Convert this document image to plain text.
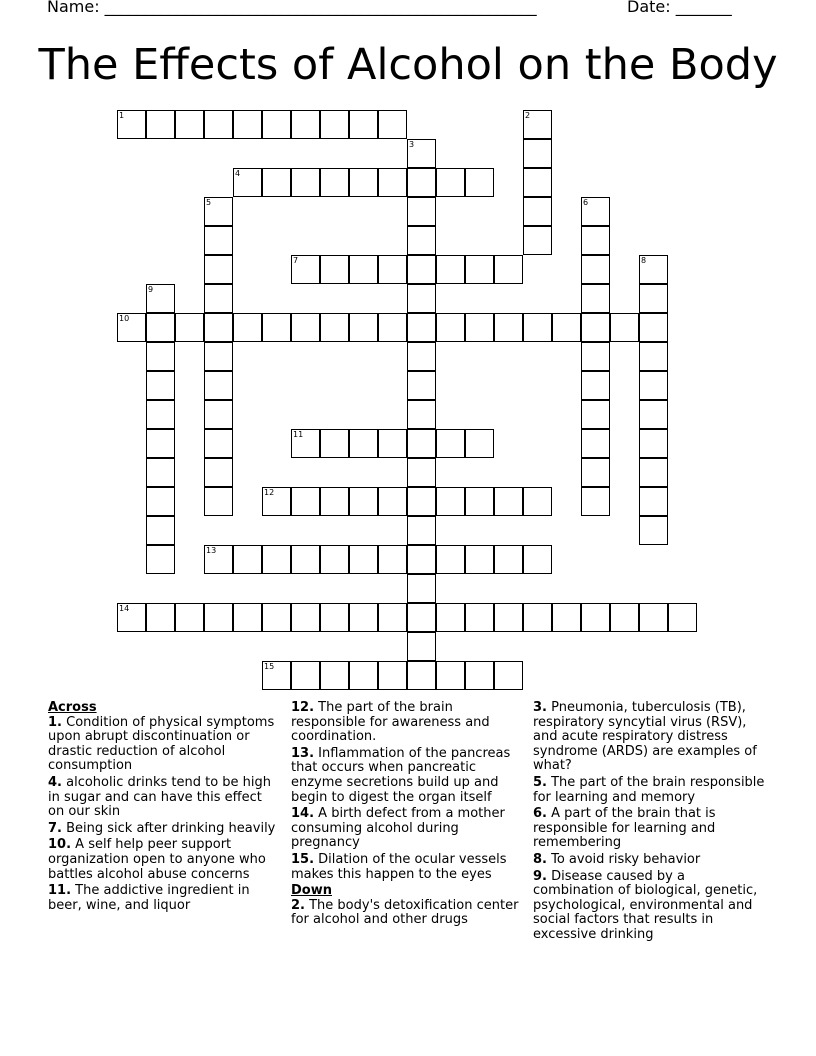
Name: ______________________________________________________	Date: _______
The Effects of Alcohol on the Body
1	2
3
4
5	6
7	8
9
10
11
12
13
14
15
Across
1. Condition of physical symptoms upon abrupt discontinuation or drastic reduction of alcohol consumption
4. alcoholic drinks tend to be high in sugar and can have this effect on our skin
7. Being sick after drinking heavily
10. A self help peer support organization open to anyone who battles alcohol abuse concerns
11. The addictive ingredient in beer, wine, and liquor
12. The part of the brain responsible for awareness and coordination.
13. Inflammation of the pancreas that occurs when pancreatic enzyme secretions build up and begin to digest the organ itself
14. A birth defect from a mother consuming alcohol during pregnancy
15. Dilation of the ocular vessels makes this happen to the eyes
Down
2. The body's detoxification center for alcohol and other drugs
3. Pneumonia, tuberculosis (TB), respiratory syncytial virus (RSV), and acute respiratory distress syndrome (ARDS) are examples of what?
5. The part of the brain responsible for learning and memory
6. A part of the brain that is responsible for learning and remembering
8. To avoid risky behavior
9. Disease caused by a combination of biological, genetic, psychological, environmental and social factors that results in excessive drinking
